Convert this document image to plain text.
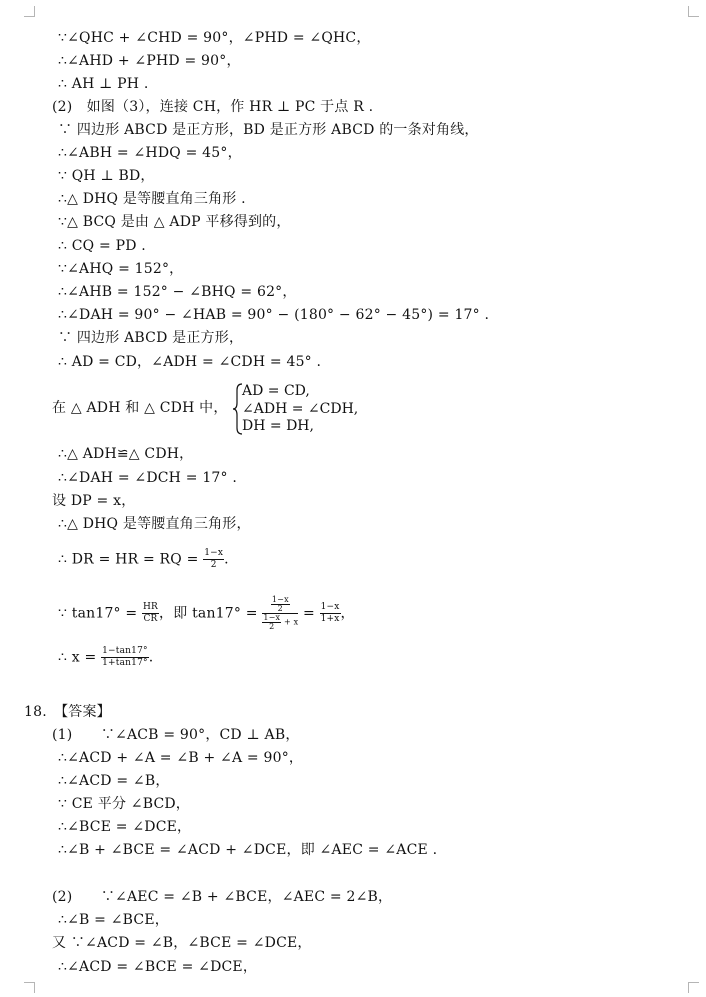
∵∠QHC + ∠CHD = 90°，∠PHD = ∠QHC，
∴∠AHD + ∠PHD = 90°，
∴ AH ⊥ PH .
(2)　如图（3），连接 CH，作 HR ⊥ PC 于点 R .
∵ 四边形 ABCD 是正方形，BD 是正方形 ABCD 的一条对角线，
∴∠ABH = ∠HDQ = 45°，
∵ QH ⊥ BD，
∴△ DHQ 是等腰直角三角形 .
∵△ BCQ 是由 △ ADP 平移得到的，
∴ CQ = PD .
∵∠AHQ = 152°，
∴∠AHB = 152° − ∠BHQ = 62°，
∴∠DAH = 90° − ∠HAB = 90° − (180° − 62° − 45°) = 17° .
∵ 四边形 ABCD 是正方形，
∴ AD = CD，∠ADH = ∠CDH = 45° .
在 △ ADH 和 △ CDH 中，
AD = CD,
∠ADH = ∠CDH,
DH = DH,
∴△ ADH≌△ CDH，
∴∠DAH = ∠DCH = 17° .
设 DP = x，
∴△ DHQ 是等腰直角三角形，
∴ DR = HR = RQ = $\frac{1-x}{2}$ .
∵ $\tan 17^\circ = \frac{HR}{CR}$ ，即 $\tan 17^\circ = \frac{\frac{1-x}{2}}{\frac{1-x}{2} + x} = \frac{1-x}{1+x}$ ，
∴ $x = \frac{1-\tan 17^\circ}{1+\tan 17^\circ}$ .
18.　【答案】
(1)　　∵∠ACB = 90°，CD ⊥ AB，
∴∠ACD + ∠A = ∠B + ∠A = 90°，
∴∠ACD = ∠B，
∵ CE 平分 ∠BCD，
∴∠BCE = ∠DCE，
∴∠B + ∠BCE = ∠ACD + ∠DCE，即 ∠AEC = ∠ACE .
(2)　　∵∠AEC = ∠B + ∠BCE，∠AEC = 2∠B，
∴∠B = ∠BCE，
又 ∵∠ACD = ∠B，∠BCE = ∠DCE，
∴∠ACD = ∠BCE = ∠DCE，
